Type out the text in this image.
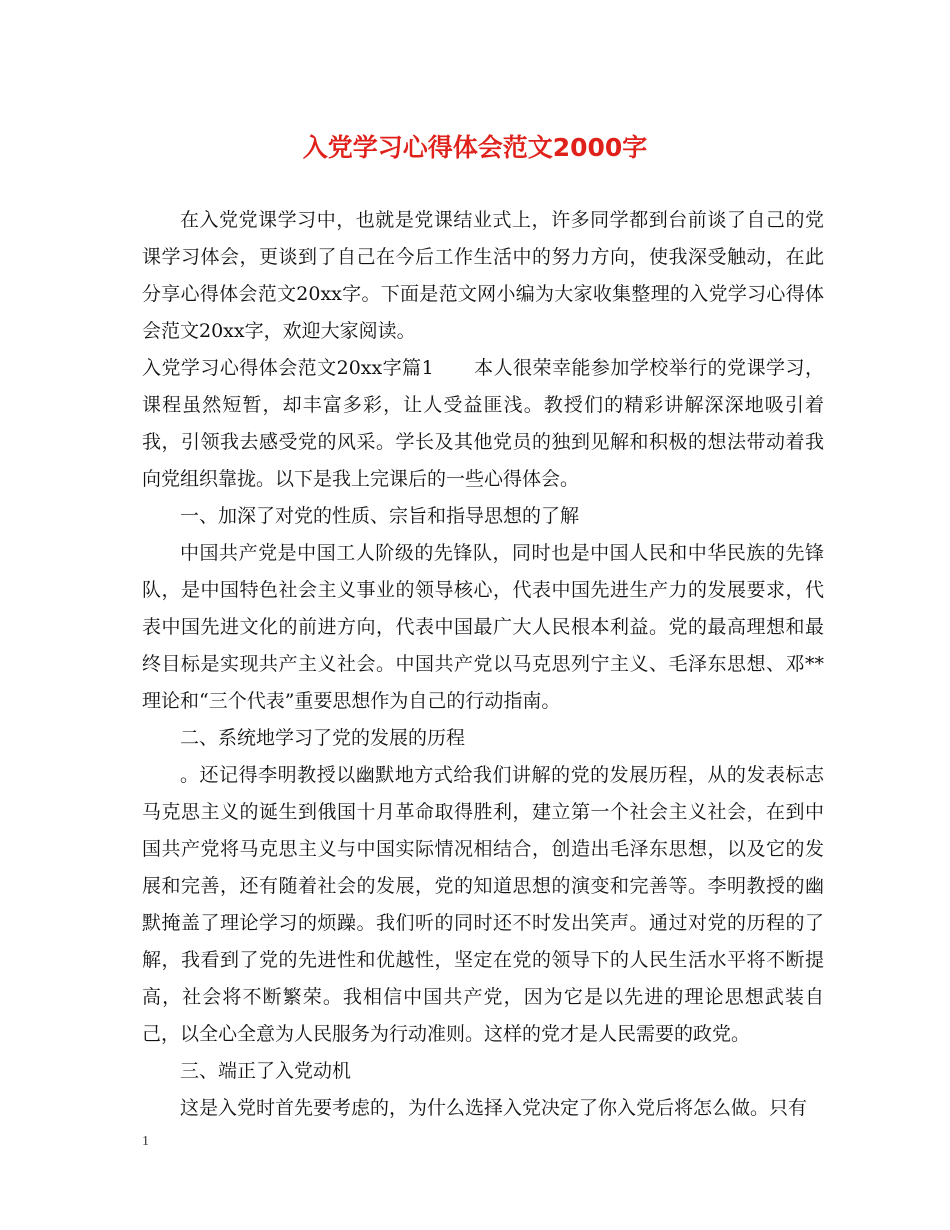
入党学习心得体会范文2000字

在入党党课学习中，也就是党课结业式上，许多同学都到台前谈了自己的党课学习体会，更谈到了自己在今后工作生活中的努力方向，使我深受触动，在此分享心得体会范文20xx字。下面是范文网小编为大家收集整理的入党学习心得体会范文20xx字，欢迎大家阅读。

入党学习心得体会范文20xx字篇1 本人很荣幸能参加学校举行的党课学习，课程虽然短暂，却丰富多彩，让人受益匪浅。教授们的精彩讲解深深地吸引着我，引领我去感受党的风采。学长及其他党员的独到见解和积极的想法带动着我向党组织靠拢。以下是我上完课后的一些心得体会。

一、加深了对党的性质、宗旨和指导思想的了解

中国共产党是中国工人阶级的先锋队，同时也是中国人民和中华民族的先锋队，是中国特色社会主义事业的领导核心，代表中国先进生产力的发展要求，代表中国先进文化的前进方向，代表中国最广大人民根本利益。党的最高理想和最终目标是实现共产主义社会。中国共产党以马克思列宁主义、毛泽东思想、邓**理论和“三个代表”重要思想作为自己的行动指南。

二、系统地学习了党的发展的历程

。还记得李明教授以幽默地方式给我们讲解的党的发展历程，从的发表标志马克思主义的诞生到俄国十月革命取得胜利，建立第一个社会主义社会，在到中国共产党将马克思主义与中国实际情况相结合，创造出毛泽东思想，以及它的发展和完善，还有随着社会的发展，党的知道思想的演变和完善等。李明教授的幽默掩盖了理论学习的烦躁。我们听的同时还不时发出笑声。通过对党的历程的了解，我看到了党的先进性和优越性，坚定在党的领导下的人民生活水平将不断提高，社会将不断繁荣。我相信中国共产党，因为它是以先进的理论思想武装自己，以全心全意为人民服务为行动准则。这样的党才是人民需要的政党。

三、端正了入党动机

这是入党时首先要考虑的，为什么选择入党决定了你入党后将怎么做。只有

1
